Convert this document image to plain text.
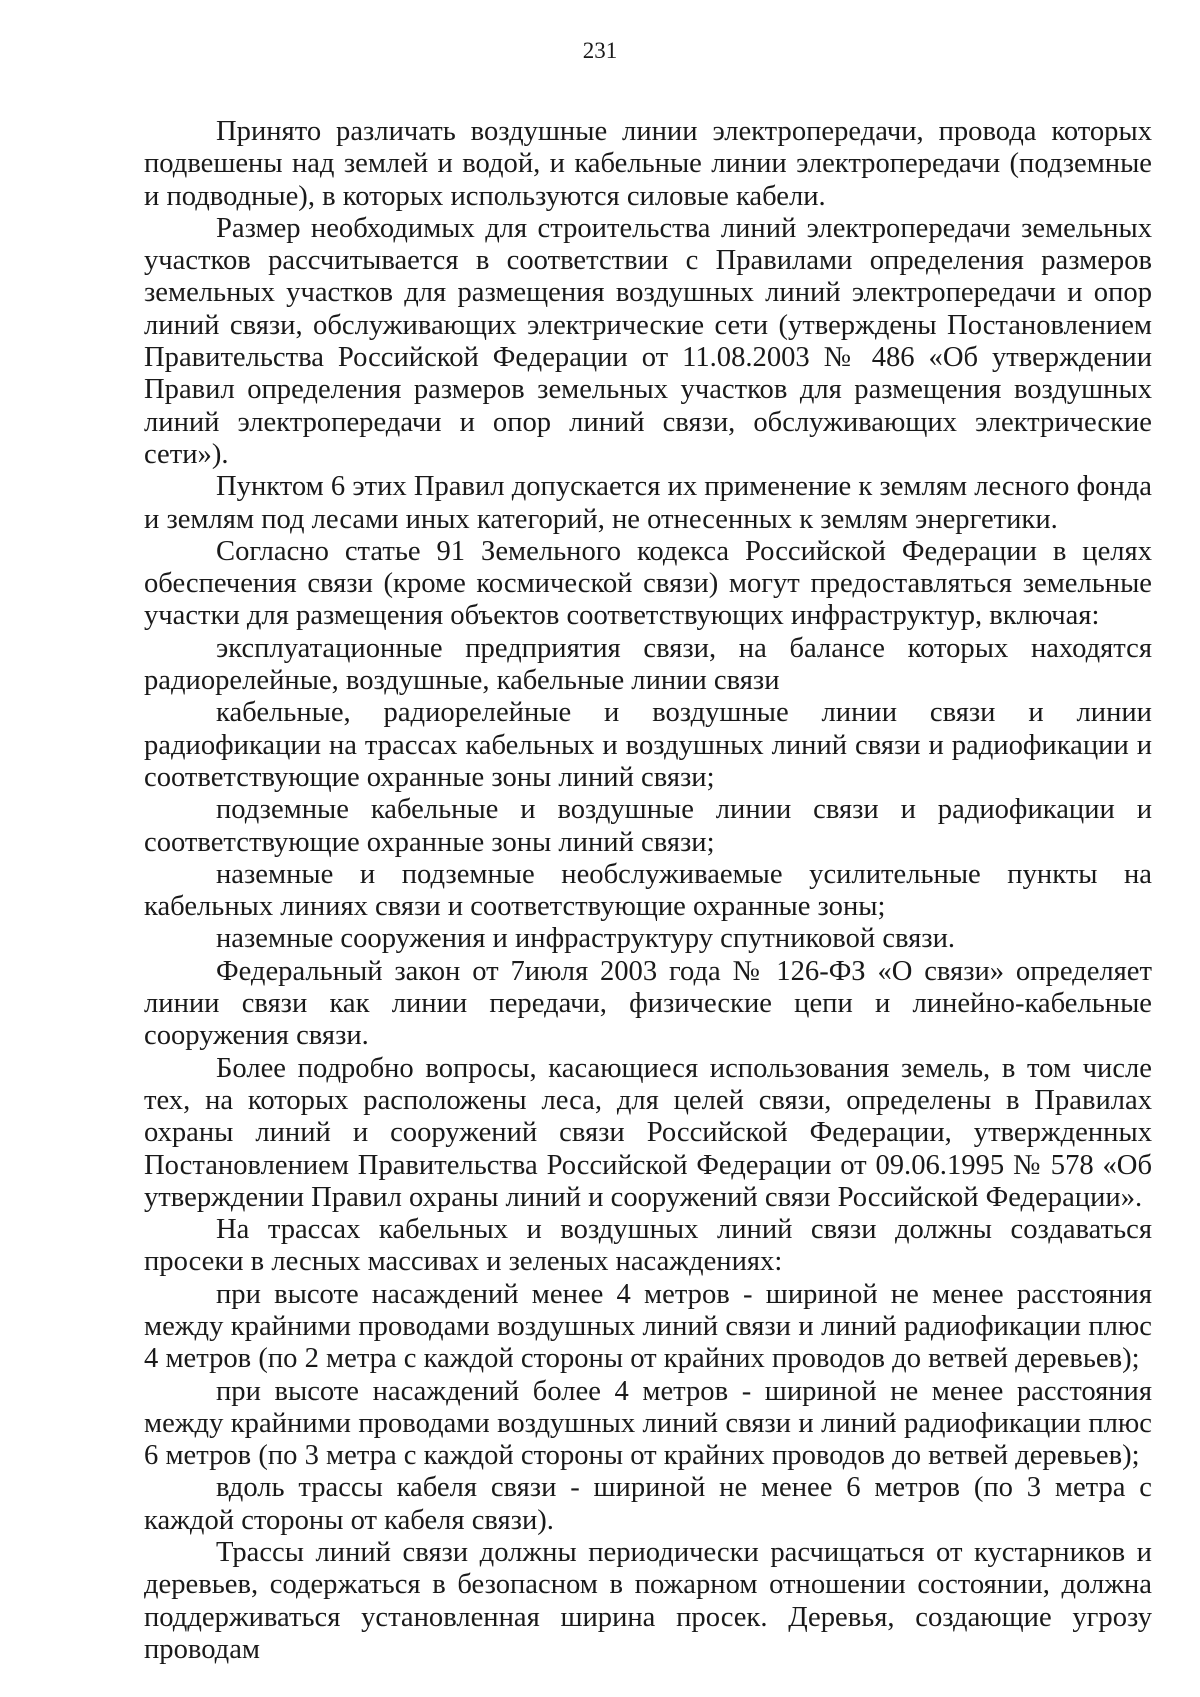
231

Принято различать воздушные линии электропередачи, провода которых подвешены над землей и водой, и кабельные линии электропередачи (подземные и подводные), в которых используются силовые кабели.

Размер необходимых для строительства линий электропередачи земельных участков рассчитывается в соответствии с Правилами определения размеров земельных участков для размещения воздушных линий электропередачи и опор линий связи, обслуживающих электрические сети (утверждены Постановлением Правительства Российской Федерации от 11.08.2003 № 486 «Об утверждении Правил определения размеров земельных участков для размещения воздушных линий электропередачи и опор линий связи, обслуживающих электрические сети»).

Пунктом 6 этих Правил допускается их применение к землям лесного фонда и землям под лесами иных категорий, не отнесенных к землям энергетики.

Согласно статье 91 Земельного кодекса Российской Федерации в целях обеспечения связи (кроме космической связи) могут предоставляться земельные участки для размещения объектов соответствующих инфраструктур, включая:

эксплуатационные предприятия связи, на балансе которых находятся радиорелейные, воздушные, кабельные линии связи

кабельные, радиорелейные и воздушные линии связи и линии радиофикации на трассах кабельных и воздушных линий связи и радиофикации и соответствующие охранные зоны линий связи;

подземные кабельные и воздушные линии связи и радиофикации и соответствующие охранные зоны линий связи;

наземные и подземные необслуживаемые усилительные пункты на кабельных линиях связи и соответствующие охранные зоны;

наземные сооружения и инфраструктуру спутниковой связи.

Федеральный закон от 7июля 2003 года № 126-ФЗ «О связи» определяет линии связи как линии передачи, физические цепи и линейно-кабельные сооружения связи.

Более подробно вопросы, касающиеся использования земель, в том числе тех, на которых расположены леса, для целей связи, определены в Правилах охраны линий и сооружений связи Российской Федерации, утвержденных Постановлением Правительства Российской Федерации от 09.06.1995 № 578 «Об утверждении Правил охраны линий и сооружений связи Российской Федерации».

На трассах кабельных и воздушных линий связи должны создаваться просеки в лесных массивах и зеленых насаждениях:

при высоте насаждений менее 4 метров - шириной не менее расстояния между крайними проводами воздушных линий связи и линий радиофикации плюс 4 метров (по 2 метра с каждой стороны от крайних проводов до ветвей деревьев);

при высоте насаждений более 4 метров - шириной не менее расстояния между крайними проводами воздушных линий связи и линий радиофикации плюс 6 метров (по 3 метра с каждой стороны от крайних проводов до ветвей деревьев);

вдоль трассы кабеля связи - шириной не менее 6 метров (по 3 метра с каждой стороны от кабеля связи).

Трассы линий связи должны периодически расчищаться от кустарников и деревьев, содержаться в безопасном в пожарном отношении состоянии, должна поддерживаться установленная ширина просек. Деревья, создающие угрозу проводам
